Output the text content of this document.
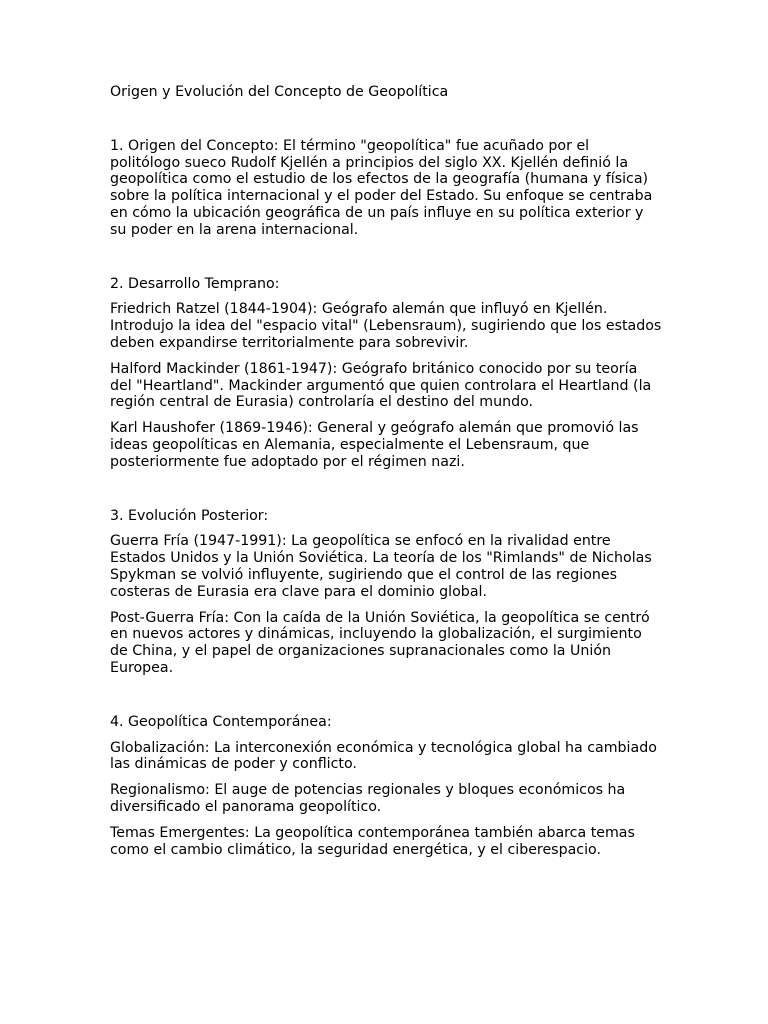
Origen y Evolución del Concepto de Geopolítica

1. Origen del Concepto: El término "geopolítica" fue acuñado por el politólogo sueco Rudolf Kjellén a principios del siglo XX. Kjellén definió la geopolítica como el estudio de los efectos de la geografía (humana y física) sobre la política internacional y el poder del Estado. Su enfoque se centraba en cómo la ubicación geográfica de un país influye en su política exterior y su poder en la arena internacional.

2. Desarrollo Temprano:

Friedrich Ratzel (1844-1904): Geógrafo alemán que influyó en Kjellén. Introdujo la idea del "espacio vital" (Lebensraum), sugiriendo que los estados deben expandirse territorialmente para sobrevivir.

Halford Mackinder (1861-1947): Geógrafo británico conocido por su teoría del "Heartland". Mackinder argumentó que quien controlara el Heartland (la región central de Eurasia) controlaría el destino del mundo.

Karl Haushofer (1869-1946): General y geógrafo alemán que promovió las ideas geopolíticas en Alemania, especialmente el Lebensraum, que posteriormente fue adoptado por el régimen nazi.

3. Evolución Posterior:

Guerra Fría (1947-1991): La geopolítica se enfocó en la rivalidad entre Estados Unidos y la Unión Soviética. La teoría de los "Rimlands" de Nicholas Spykman se volvió influyente, sugiriendo que el control de las regiones costeras de Eurasia era clave para el dominio global.

Post-Guerra Fría: Con la caída de la Unión Soviética, la geopolítica se centró en nuevos actores y dinámicas, incluyendo la globalización, el surgimiento de China, y el papel de organizaciones supranacionales como la Unión Europea.

4. Geopolítica Contemporánea:

Globalización: La interconexión económica y tecnológica global ha cambiado las dinámicas de poder y conflicto.

Regionalismo: El auge de potencias regionales y bloques económicos ha diversificado el panorama geopolítico.

Temas Emergentes: La geopolítica contemporánea también abarca temas como el cambio climático, la seguridad energética, y el ciberespacio.
